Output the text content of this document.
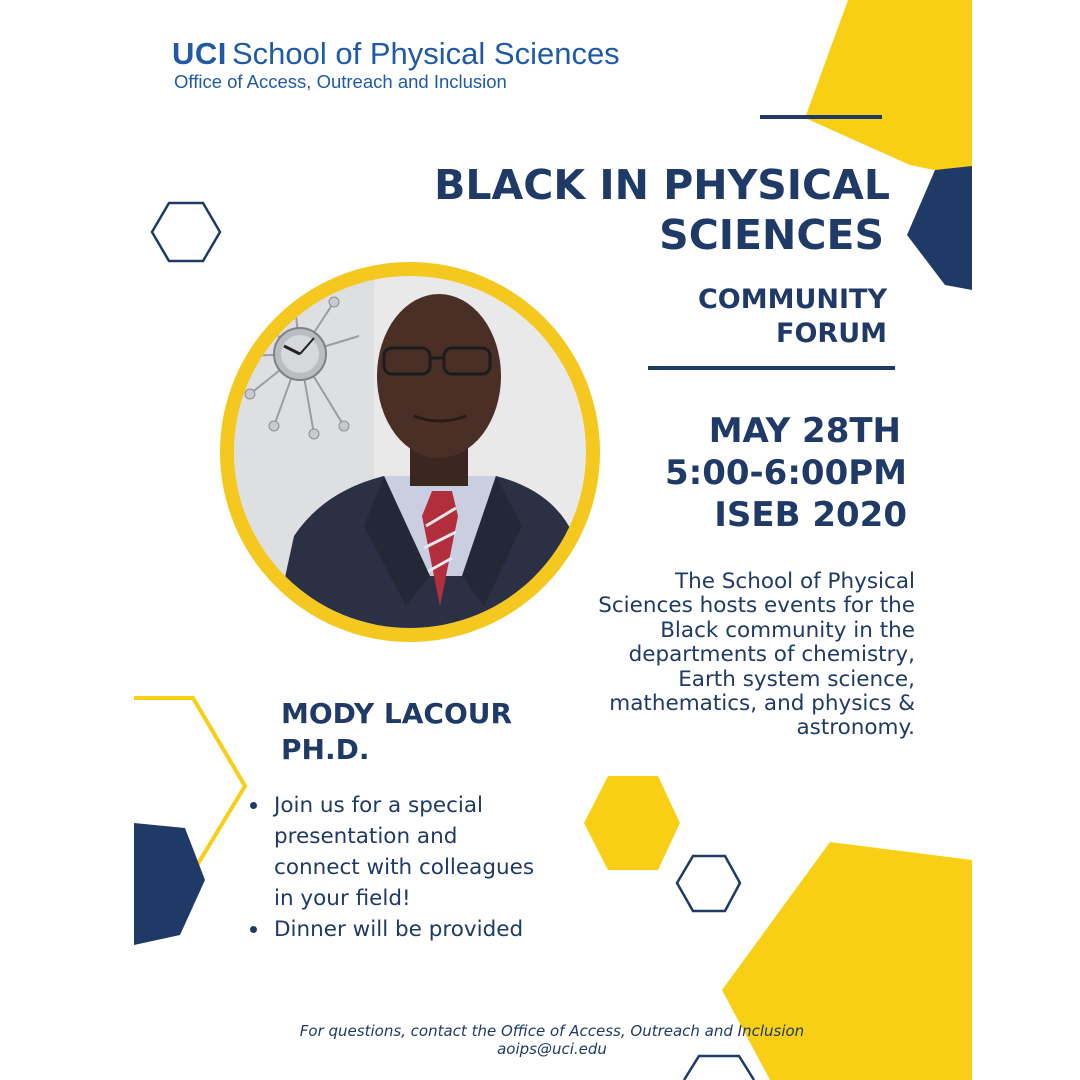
UCI School of Physical Sciences
Office of Access, Outreach and Inclusion
BLACK IN PHYSICAL
SCIENCES
COMMUNITY
FORUM
MAY 28TH
5:00-6:00PM
ISEB 2020
The School of Physical Sciences hosts events for the Black community in the departments of chemistry, Earth system science, mathematics, and physics & astronomy.
MODY LACOUR
PH.D.

Join us for a special presentation and connect with colleagues in your field!

Dinner will be provided

For questions, contact the Office of Access, Outreach and Inclusion
aoips@uci.edu
